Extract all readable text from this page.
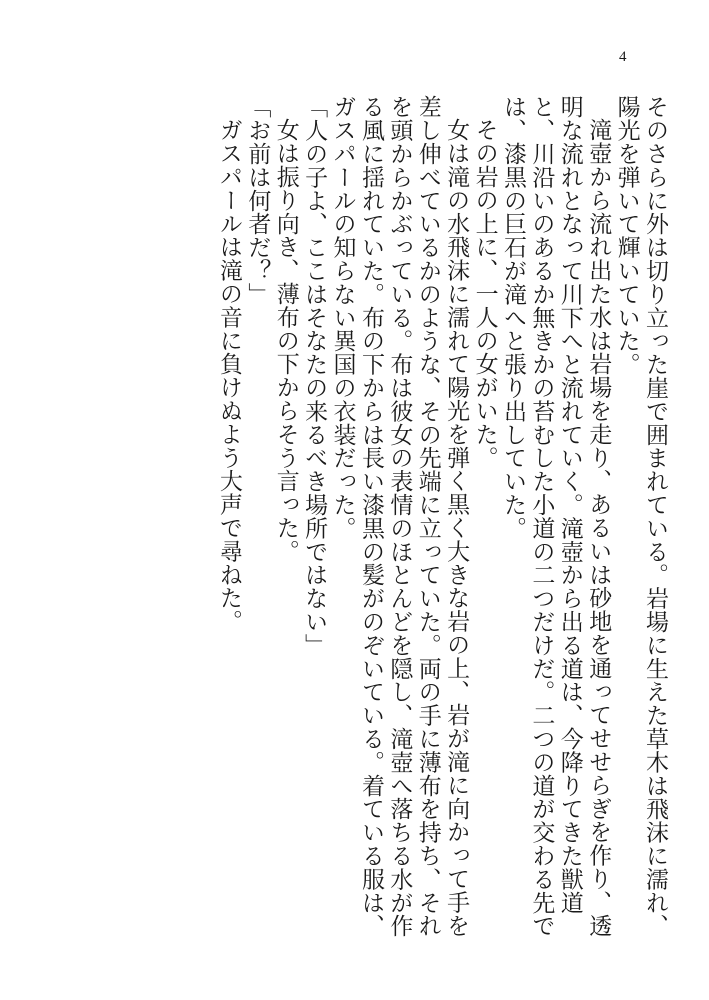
4

そのさらに外は切り立った崖で囲まれている。岩場に生えた草木は飛沫に濡れ、陽光を弾いて輝いていた。

滝壺から流れ出た水は岩場を走り、あるいは砂地を通ってせせらぎを作り、透明な流れとなって川下へと流れていく。滝壺から出る道は、今降りてきた獣道と、川沿いのあるか無きかの苔むした小道の二つだけだ。二つの道が交わる先では、漆黒の巨石が滝へと張り出していた。

その岩の上に、一人の女がいた。

女は滝の水飛沫に濡れて陽光を弾く黒く大きな岩の上、岩が滝に向かって手を差し伸べているかのような、その先端に立っていた。両の手に薄布を持ち、それを頭からかぶっている。布は彼女の表情のほとんどを隠し、滝壺へ落ちる水が作る風に揺れていた。布の下からは長い漆黒の髪がのぞいている。着ている服は、ガスパールの知らない異国の衣装だった。

「人の子よ、ここはそなたの来るべき場所ではない」

女は振り向き、薄布の下からそう言った。

「お前は何者だ？」

ガスパールは滝の音に負けぬよう大声で尋ねた。
